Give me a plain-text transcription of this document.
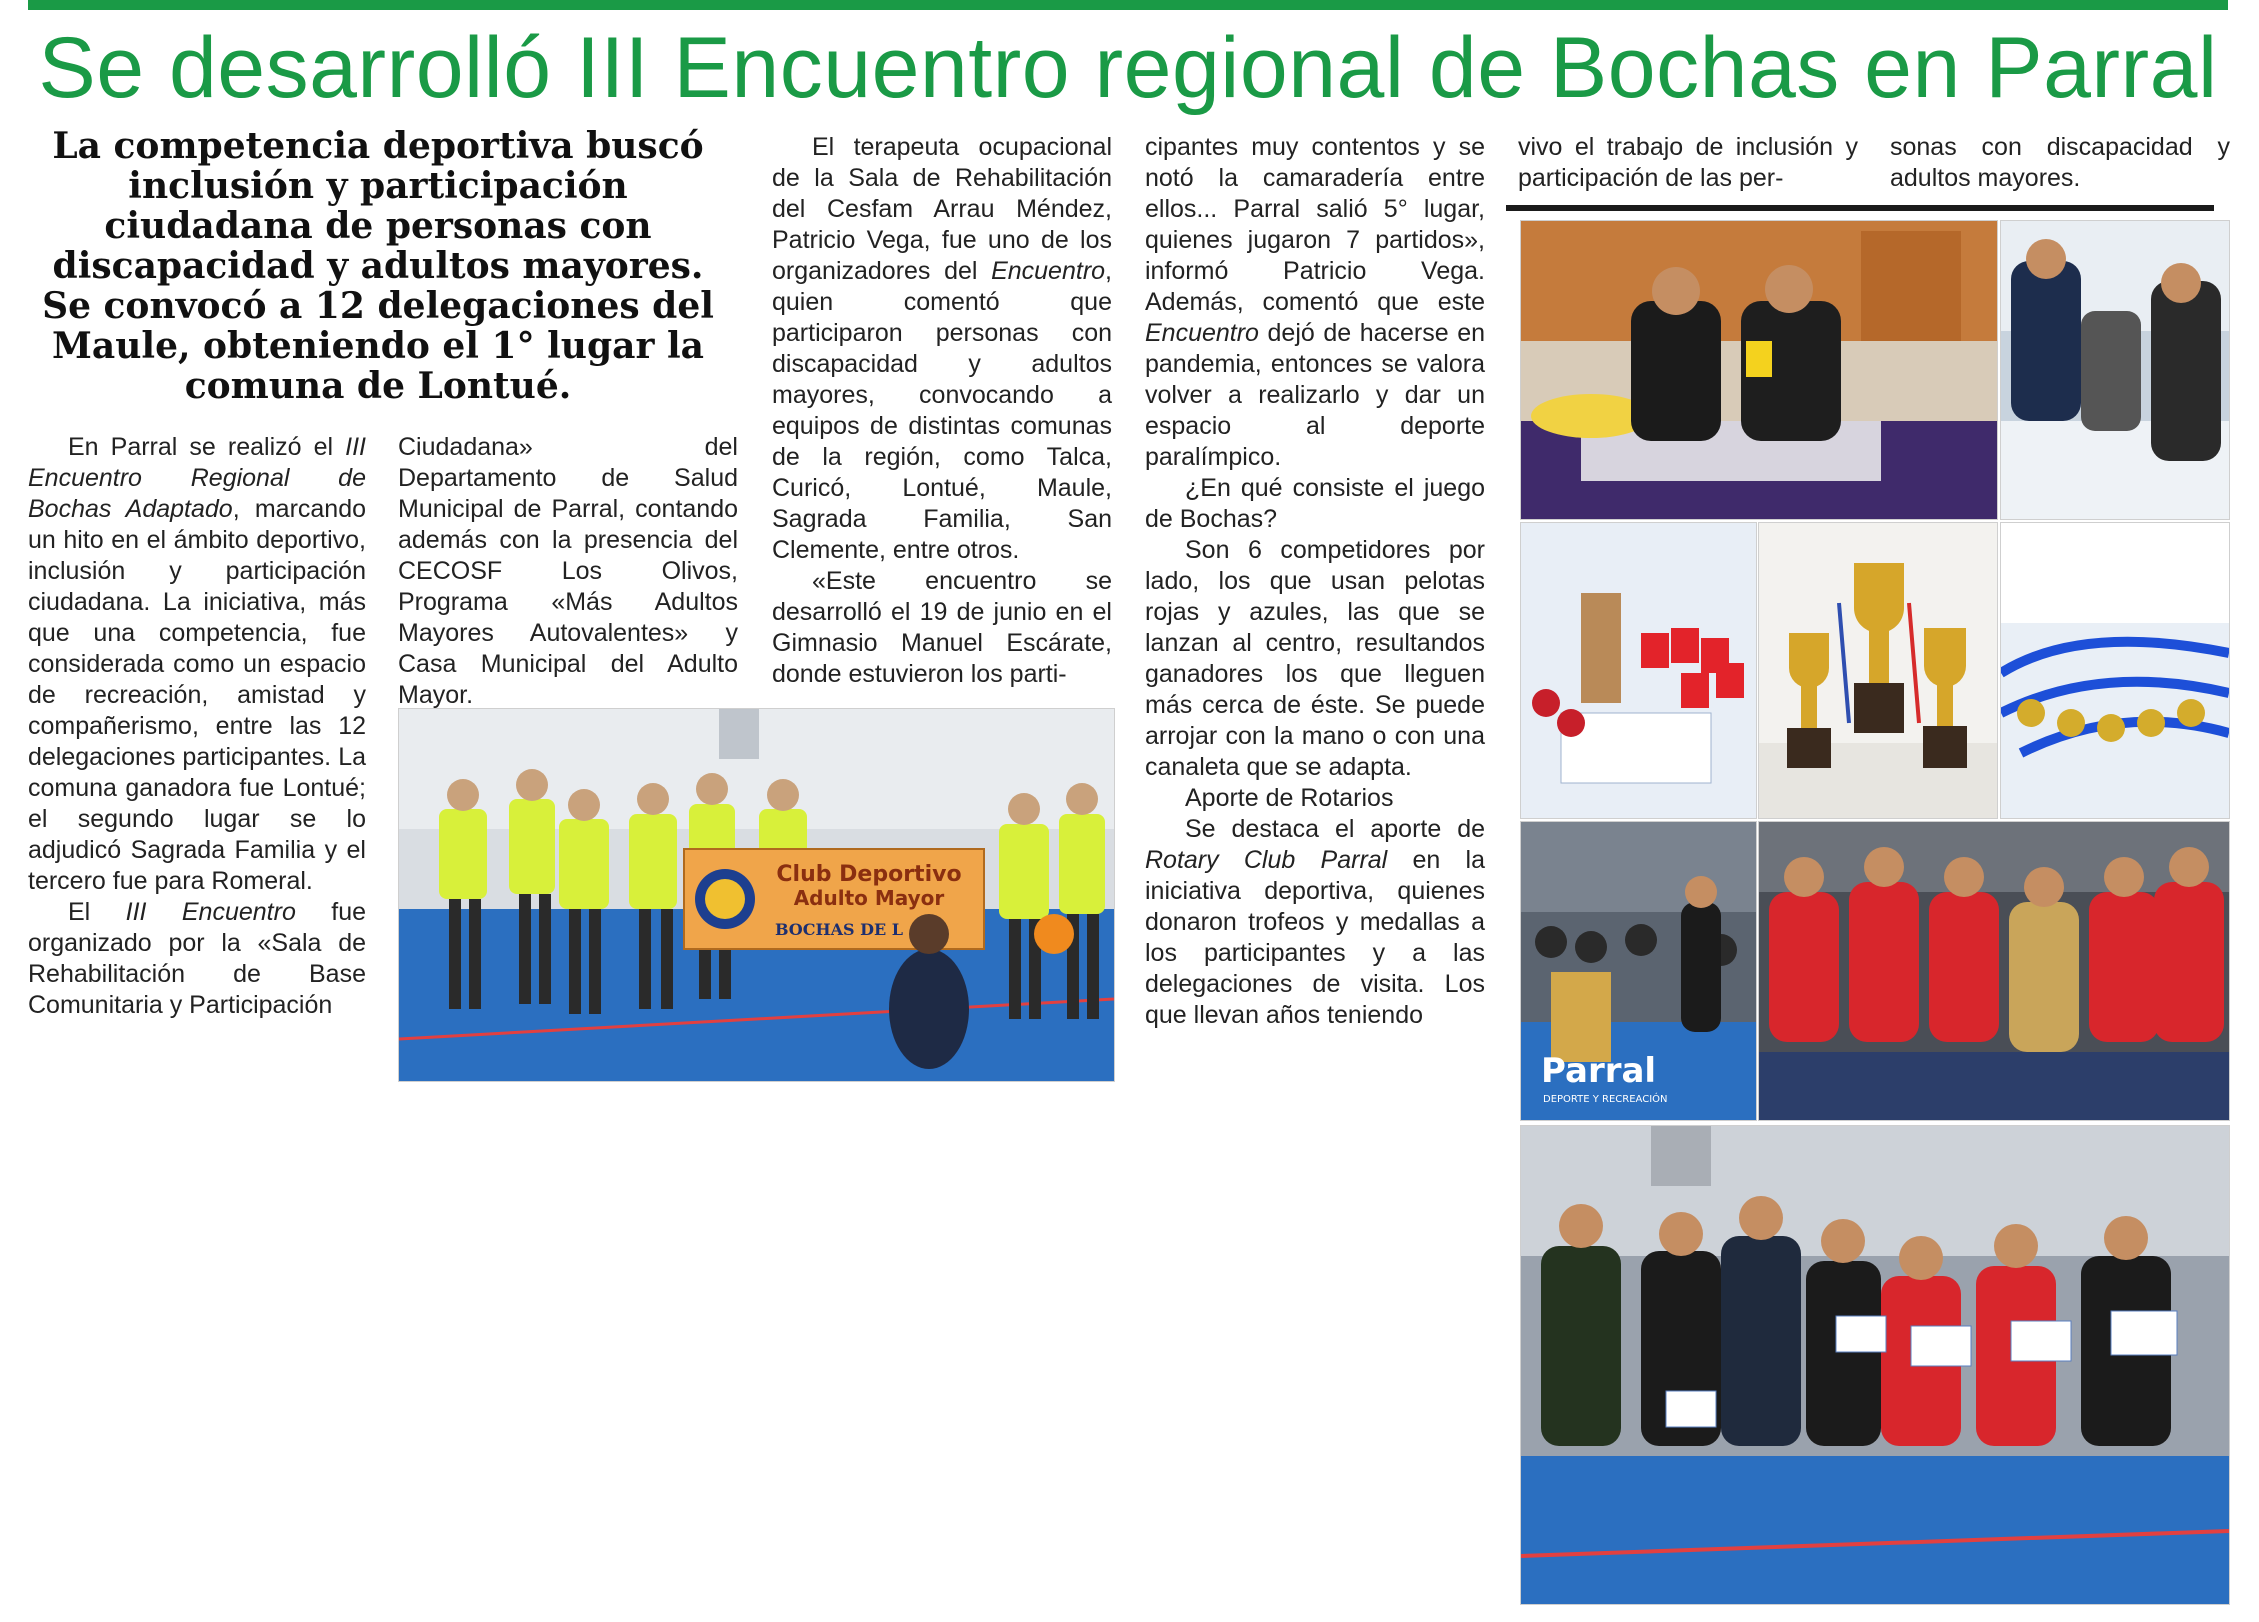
Se desarrolló III Encuentro regional de Bochas en Parral
La competencia deportiva buscó inclusión y participación ciudadana de personas con discapacidad y adultos mayores. Se convocó a 12 delegaciones del Maule, obteniendo el 1° lugar la comuna de Lontué.

En Parral se realizó el III Encuentro Regional de Bochas Adaptado, marcando un hito en el ámbito deportivo, inclusión y participación ciudadana. La iniciativa, más que una competencia, fue considerada como un espacio de recreación, amistad y compañerismo, entre las 12 delegaciones participantes. La comuna ganadora fue Lontué; el segundo lugar se lo adjudicó Sagrada Familia y el tercero fue para Romeral.

El III Encuentro fue organizado por la «Sala de Rehabilitación de Base Comunitaria y Participación

Ciudadana» del Departamento de Salud Municipal de Parral, contando además con la presencia del CECOSF Los Olivos, Programa «Más Adultos Mayores Autovalentes» y Casa Municipal del Adulto Mayor.

El terapeuta ocupacional de la Sala de Rehabilitación del Cesfam Arrau Méndez, Patricio Vega, fue uno de los organizadores del Encuentro, quien comentó que participaron personas con discapacidad y adultos mayores, convocando a equipos de distintas comunas de la región, como Talca, Curicó, Lontué, Maule, Sagrada Familia, San Clemente, entre otros.

«Este encuentro se desarrolló el 19 de junio en el Gimnasio Manuel Escárate, donde estuvieron los parti-

cipantes muy contentos y se notó la camaradería entre ellos... Parral salió 5° lugar, quienes jugaron 7 partidos», informó Patricio Vega. Además, comentó que este Encuentro dejó de hacerse en pandemia, entonces se valora volver a realizarlo y dar un espacio al deporte paralímpico.

¿En qué consiste el juego de Bochas?

Son 6 competidores por lado, los que usan pelotas rojas y azules, las que se lanzan al centro, resultandos ganadores los que lleguen más cerca de éste. Se puede arrojar con la mano o con una canaleta que se adapta.

Aporte de Rotarios

Se destaca el aporte de Rotary Club Parral en la iniciativa deportiva, quienes donaron trofeos y medallas a los participantes y a las delegaciones de visita. Los que llevan años teniendo

vivo el trabajo de inclusión y participación de las per-

sonas con discapacidad y adultos mayores.

Club Deportivo
Adulto Mayor
BOCHAS DE L
Parral
DEPORTE Y RECREACIÓN
